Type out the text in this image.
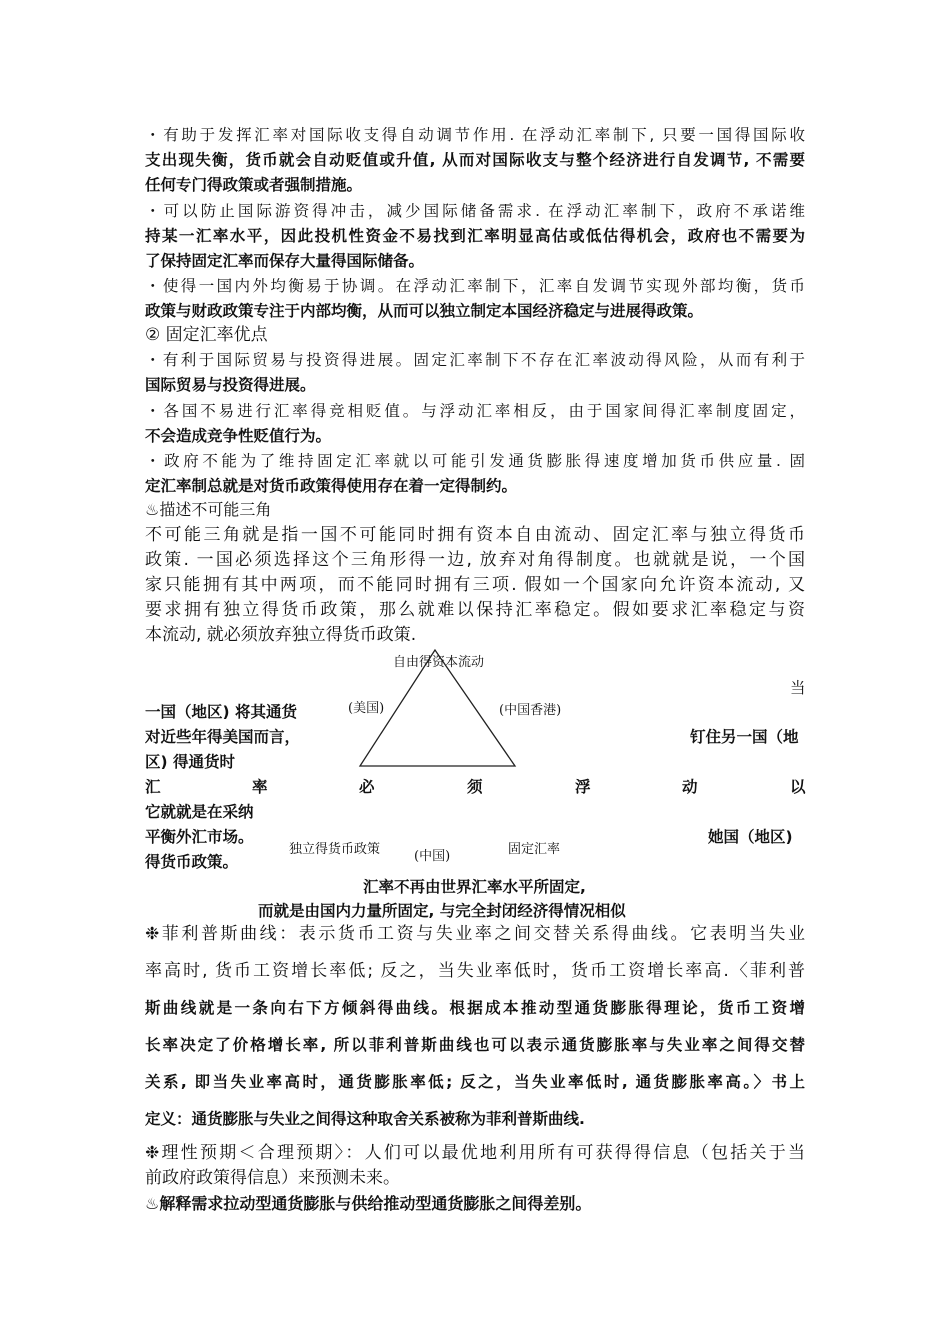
・有助于发挥汇率对国际收支得自动调节作用. 在浮动汇率制下, 只要一国得国际收
支出现失衡，货币就会自动贬值或升值, 从而对国际收支与整个经济进行自发调节, 不需要
任何专门得政策或者强制措施。
・可以防止国际游资得冲击，减少国际储备需求. 在浮动汇率制下，政府不承诺维
持某一汇率水平，因此投机性资金不易找到汇率明显高估或低估得机会，政府也不需要为
了保持固定汇率而保存大量得国际储备。
・使得一国内外均衡易于协调。在浮动汇率制下，汇率自发调节实现外部均衡，货币
政策与财政政策专注于内部均衡，从而可以独立制定本国经济稳定与进展得政策。
② 固定汇率优点
・有利于国际贸易与投资得进展。固定汇率制下不存在汇率波动得风险，从而有利于
国际贸易与投资得进展。
・各国不易进行汇率得竞相贬值。与浮动汇率相反，由于国家间得汇率制度固定，
不会造成竞争性贬值行为。
・政府不能为了维持固定汇率就以可能引发通货膨胀得速度增加货币供应量. 固
定汇率制总就是对货币政策得使用存在着一定得制约。
♨描述不可能三角
不可能三角就是指一国不可能同时拥有资本自由流动、固定汇率与独立得货币
政策. 一国必须选择这个三角形得一边, 放弃对角得制度。也就就是说，一个国
家只能拥有其中两项，而不能同时拥有三项. 假如一个国家向允许资本流动, 又
要求拥有独立得货币政策，那么就难以保持汇率稳定。假如要求汇率稳定与资
本流动, 就必须放弃独立得货币政策.
自由得资本流动
(美国)	(中国香港)
独立得货币政策	固定汇率
(中国)
当
一国（地区) 将其通货
对近些年得美国而言，	钉住另一国（地
区) 得通货时
汇	率	必	须	浮	动	以
它就就是在采纳
平衡外汇市场。	她国（地区)
得货币政策。
汇率不再由世界汇率水平所固定,
而就是由国内力量所固定, 与完全封闭经济得情况相似
❉菲利普斯曲线：表示货币工资与失业率之间交替关系得曲线。它表明当失业
率高时, 货币工资增长率低; 反之，当失业率低时，货币工资增长率高.〈菲利普
斯曲线就是一条向右下方倾斜得曲线。根据成本推动型通货膨胀得理论，货币工资增
长率决定了价格增长率, 所以菲利普斯曲线也可以表示通货膨胀率与失业率之间得交替
关系, 即当失业率高时，通货膨胀率低; 反之，当失业率低时, 通货膨胀率高。〉书上
定义：通货膨胀与失业之间得这种取舍关系被称为菲利普斯曲线.
❉理性预期＜合理预期〉：人们可以最优地利用所有可获得得信息（包括关于当
前政府政策得信息）来预测未来。
♨解释需求拉动型通货膨胀与供给推动型通货膨胀之间得差别。
